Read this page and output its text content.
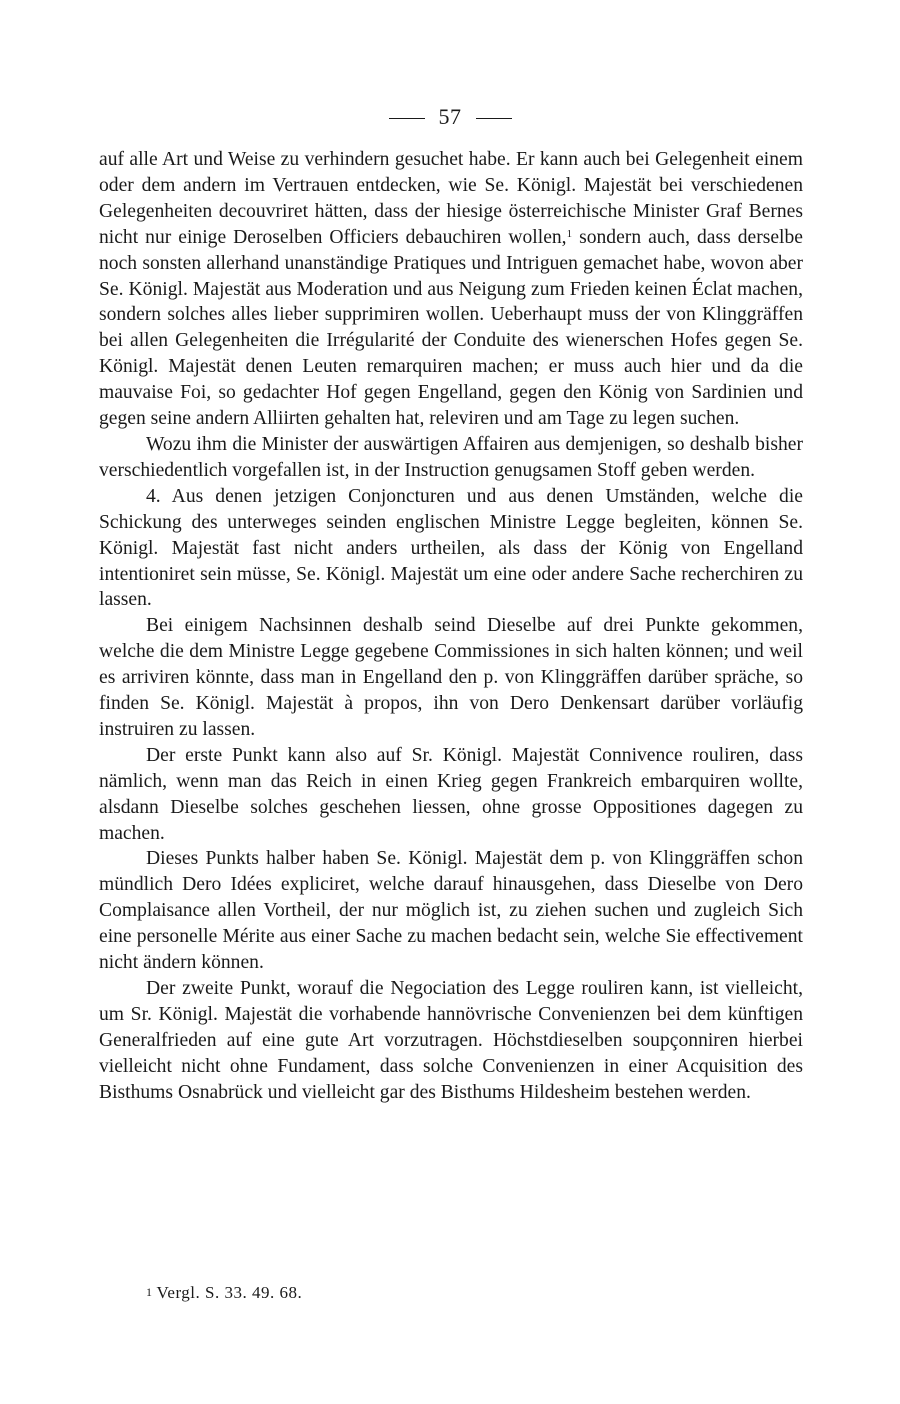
57

auf alle Art und Weise zu verhindern gesuchet habe. Er kann auch bei Gelegenheit einem oder dem andern im Vertrauen entdecken, wie Se. Königl. Majestät bei verschiedenen Gelegenheiten decouvriret hätten, dass der hiesige österreichische Minister Graf Bernes nicht nur einige Deroselben Officiers debauchiren wollen,$^1$ sondern auch, dass derselbe noch sonsten allerhand unanständige Pratiques und Intriguen gemachet habe, wovon aber Se. Königl. Majestät aus Moderation und aus Neigung zum Frieden keinen Éclat machen, sondern solches alles lieber supprimiren wollen. Ueberhaupt muss der von Klinggräffen bei allen Gelegenheiten die Irrégularité der Conduite des wienerschen Hofes gegen Se. Königl. Majestät denen Leuten remarquiren machen; er muss auch hier und da die mauvaise Foi, so gedachter Hof gegen Engelland, gegen den König von Sardinien und gegen seine andern Alliirten gehalten hat, releviren und am Tage zu legen suchen.

Wozu ihm die Minister der auswärtigen Affairen aus demjenigen, so deshalb bisher verschiedentlich vorgefallen ist, in der Instruction genugsamen Stoff geben werden.

4. Aus denen jetzigen Conjoncturen und aus denen Umständen, welche die Schickung des unterweges seinden englischen Ministre Legge begleiten, können Se. Königl. Majestät fast nicht anders urtheilen, als dass der König von Engelland intentioniret sein müsse, Se. Königl. Majestät um eine oder andere Sache recherchiren zu lassen.

Bei einigem Nachsinnen deshalb seind Dieselbe auf drei Punkte gekommen, welche die dem Ministre Legge gegebene Commissiones in sich halten können; und weil es arriviren könnte, dass man in Engelland den p. von Klinggräffen darüber spräche, so finden Se. Königl. Majestät à propos, ihn von Dero Denkensart darüber vorläufig instruiren zu lassen.

Der erste Punkt kann also auf Sr. Königl. Majestät Connivence rouliren, dass nämlich, wenn man das Reich in einen Krieg gegen Frankreich embarquiren wollte, alsdann Dieselbe solches geschehen liessen, ohne grosse Oppositiones dagegen zu machen.

Dieses Punkts halber haben Se. Königl. Majestät dem p. von Klinggräffen schon mündlich Dero Idées expliciret, welche darauf hinausgehen, dass Dieselbe von Dero Complaisance allen Vortheil, der nur möglich ist, zu ziehen suchen und zugleich Sich eine personelle Mérite aus einer Sache zu machen bedacht sein, welche Sie effectivement nicht ändern können.

Der zweite Punkt, worauf die Negociation des Legge rouliren kann, ist vielleicht, um Sr. Königl. Majestät die vorhabende hannövrische Convenienzen bei dem künftigen Generalfrieden auf eine gute Art vorzutragen. Höchstdieselben soupçonniren hierbei vielleicht nicht ohne Fundament, dass solche Convenienzen in einer Acquisition des Bisthums Osnabrück und vielleicht gar des Bisthums Hildesheim bestehen werden.

1 Vergl. S. 33. 49. 68.
